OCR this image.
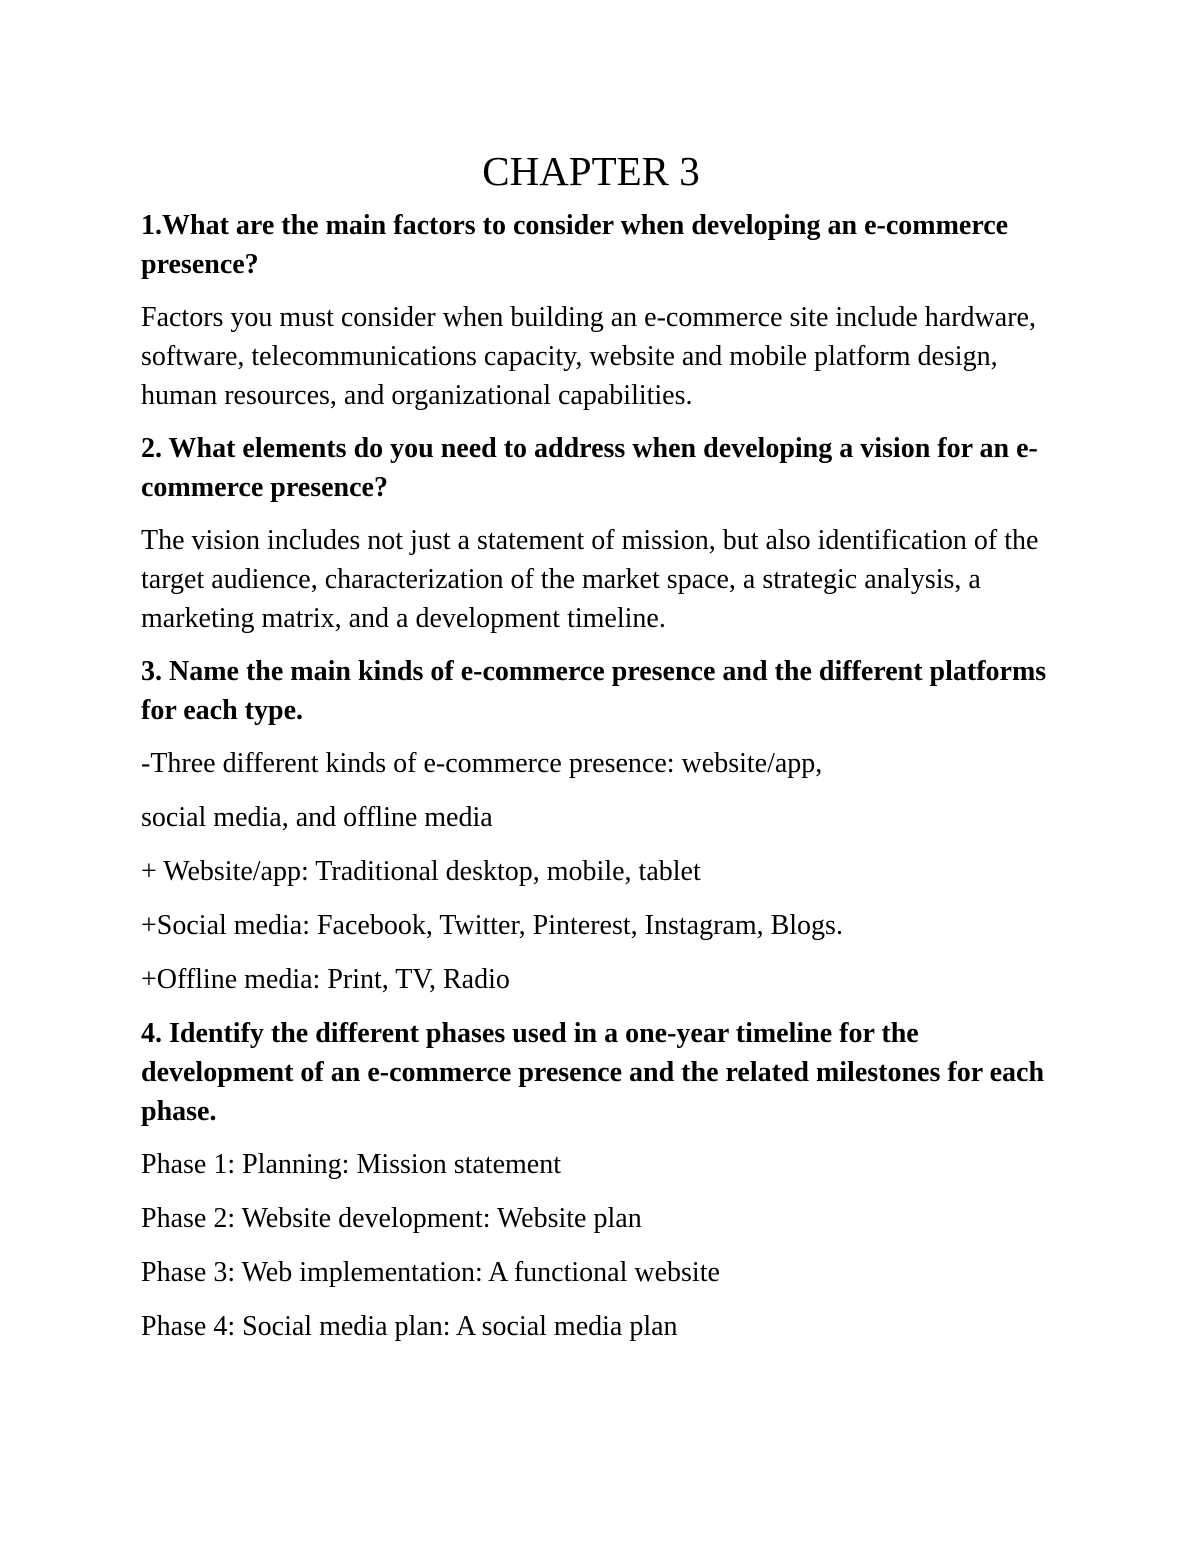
CHAPTER 3

1.What are the main factors to consider when developing an e-commerce presence?

Factors you must consider when building an e-commerce site include hardware, software, telecommunications capacity, website and mobile platform design, human resources, and organizational capabilities.

2. What elements do you need to address when developing a vision for an e-commerce presence?

The vision includes not just a statement of mission, but also identification of the target audience, characterization of the market space, a strategic analysis, a marketing matrix, and a development timeline.

3. Name the main kinds of e-commerce presence and the different platforms for each type.

-Three different kinds of e-commerce presence: website/app,

social media, and offline media

+ Website/app: Traditional desktop, mobile, tablet

+Social media: Facebook, Twitter, Pinterest, Instagram, Blogs.

+Offline media: Print, TV, Radio

4. Identify the different phases used in a one-year timeline for the development of an e-commerce presence and the related milestones for each phase.

Phase 1: Planning: Mission statement

Phase 2: Website development: Website plan

Phase 3: Web implementation: A functional website

Phase 4: Social media plan: A social media plan
